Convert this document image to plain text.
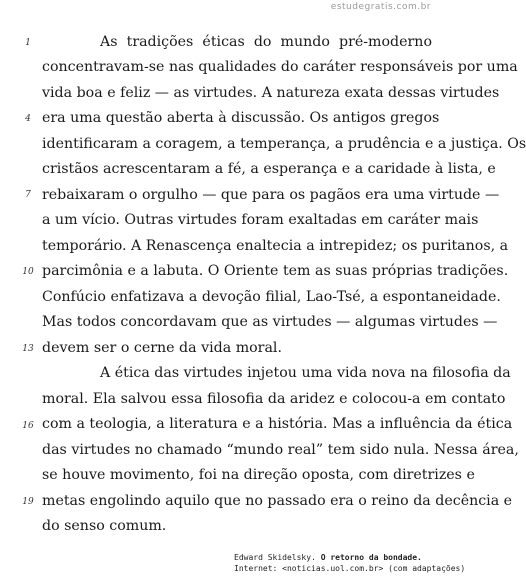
estudegratis.com.br
1
4
7
10
13
16
19
As tradições éticas do mundo pré-moderno
concentravam-se nas qualidades do caráter responsáveis por uma
vida boa e feliz — as virtudes. A natureza exata dessas virtudes
era uma questão aberta à discussão. Os antigos gregos
identificaram a coragem, a temperança, a prudência e a justiça. Os
cristãos acrescentaram a fé, a esperança e a caridade à lista, e
rebaixaram o orgulho — que para os pagãos era uma virtude —
a um vício. Outras virtudes foram exaltadas em caráter mais
temporário. A Renascença enaltecia a intrepidez; os puritanos, a
parcimônia e a labuta. O Oriente tem as suas próprias tradições.
Confúcio enfatizava a devoção filial, Lao-Tsé, a espontaneidade.
Mas todos concordavam que as virtudes — algumas virtudes —
devem ser o cerne da vida moral.
A ética das virtudes injetou uma vida nova na filosofia da
moral. Ela salvou essa filosofia da aridez e colocou-a em contato
com a teologia, a literatura e a história. Mas a influência da ética
das virtudes no chamado “mundo real” tem sido nula. Nessa área,
se houve movimento, foi na direção oposta, com diretrizes e
metas engolindo aquilo que no passado era o reino da decência e
do senso comum.
Edward Skidelsky. O retorno da bondade.
Internet: <noticias.uol.com.br> (com adaptações)
